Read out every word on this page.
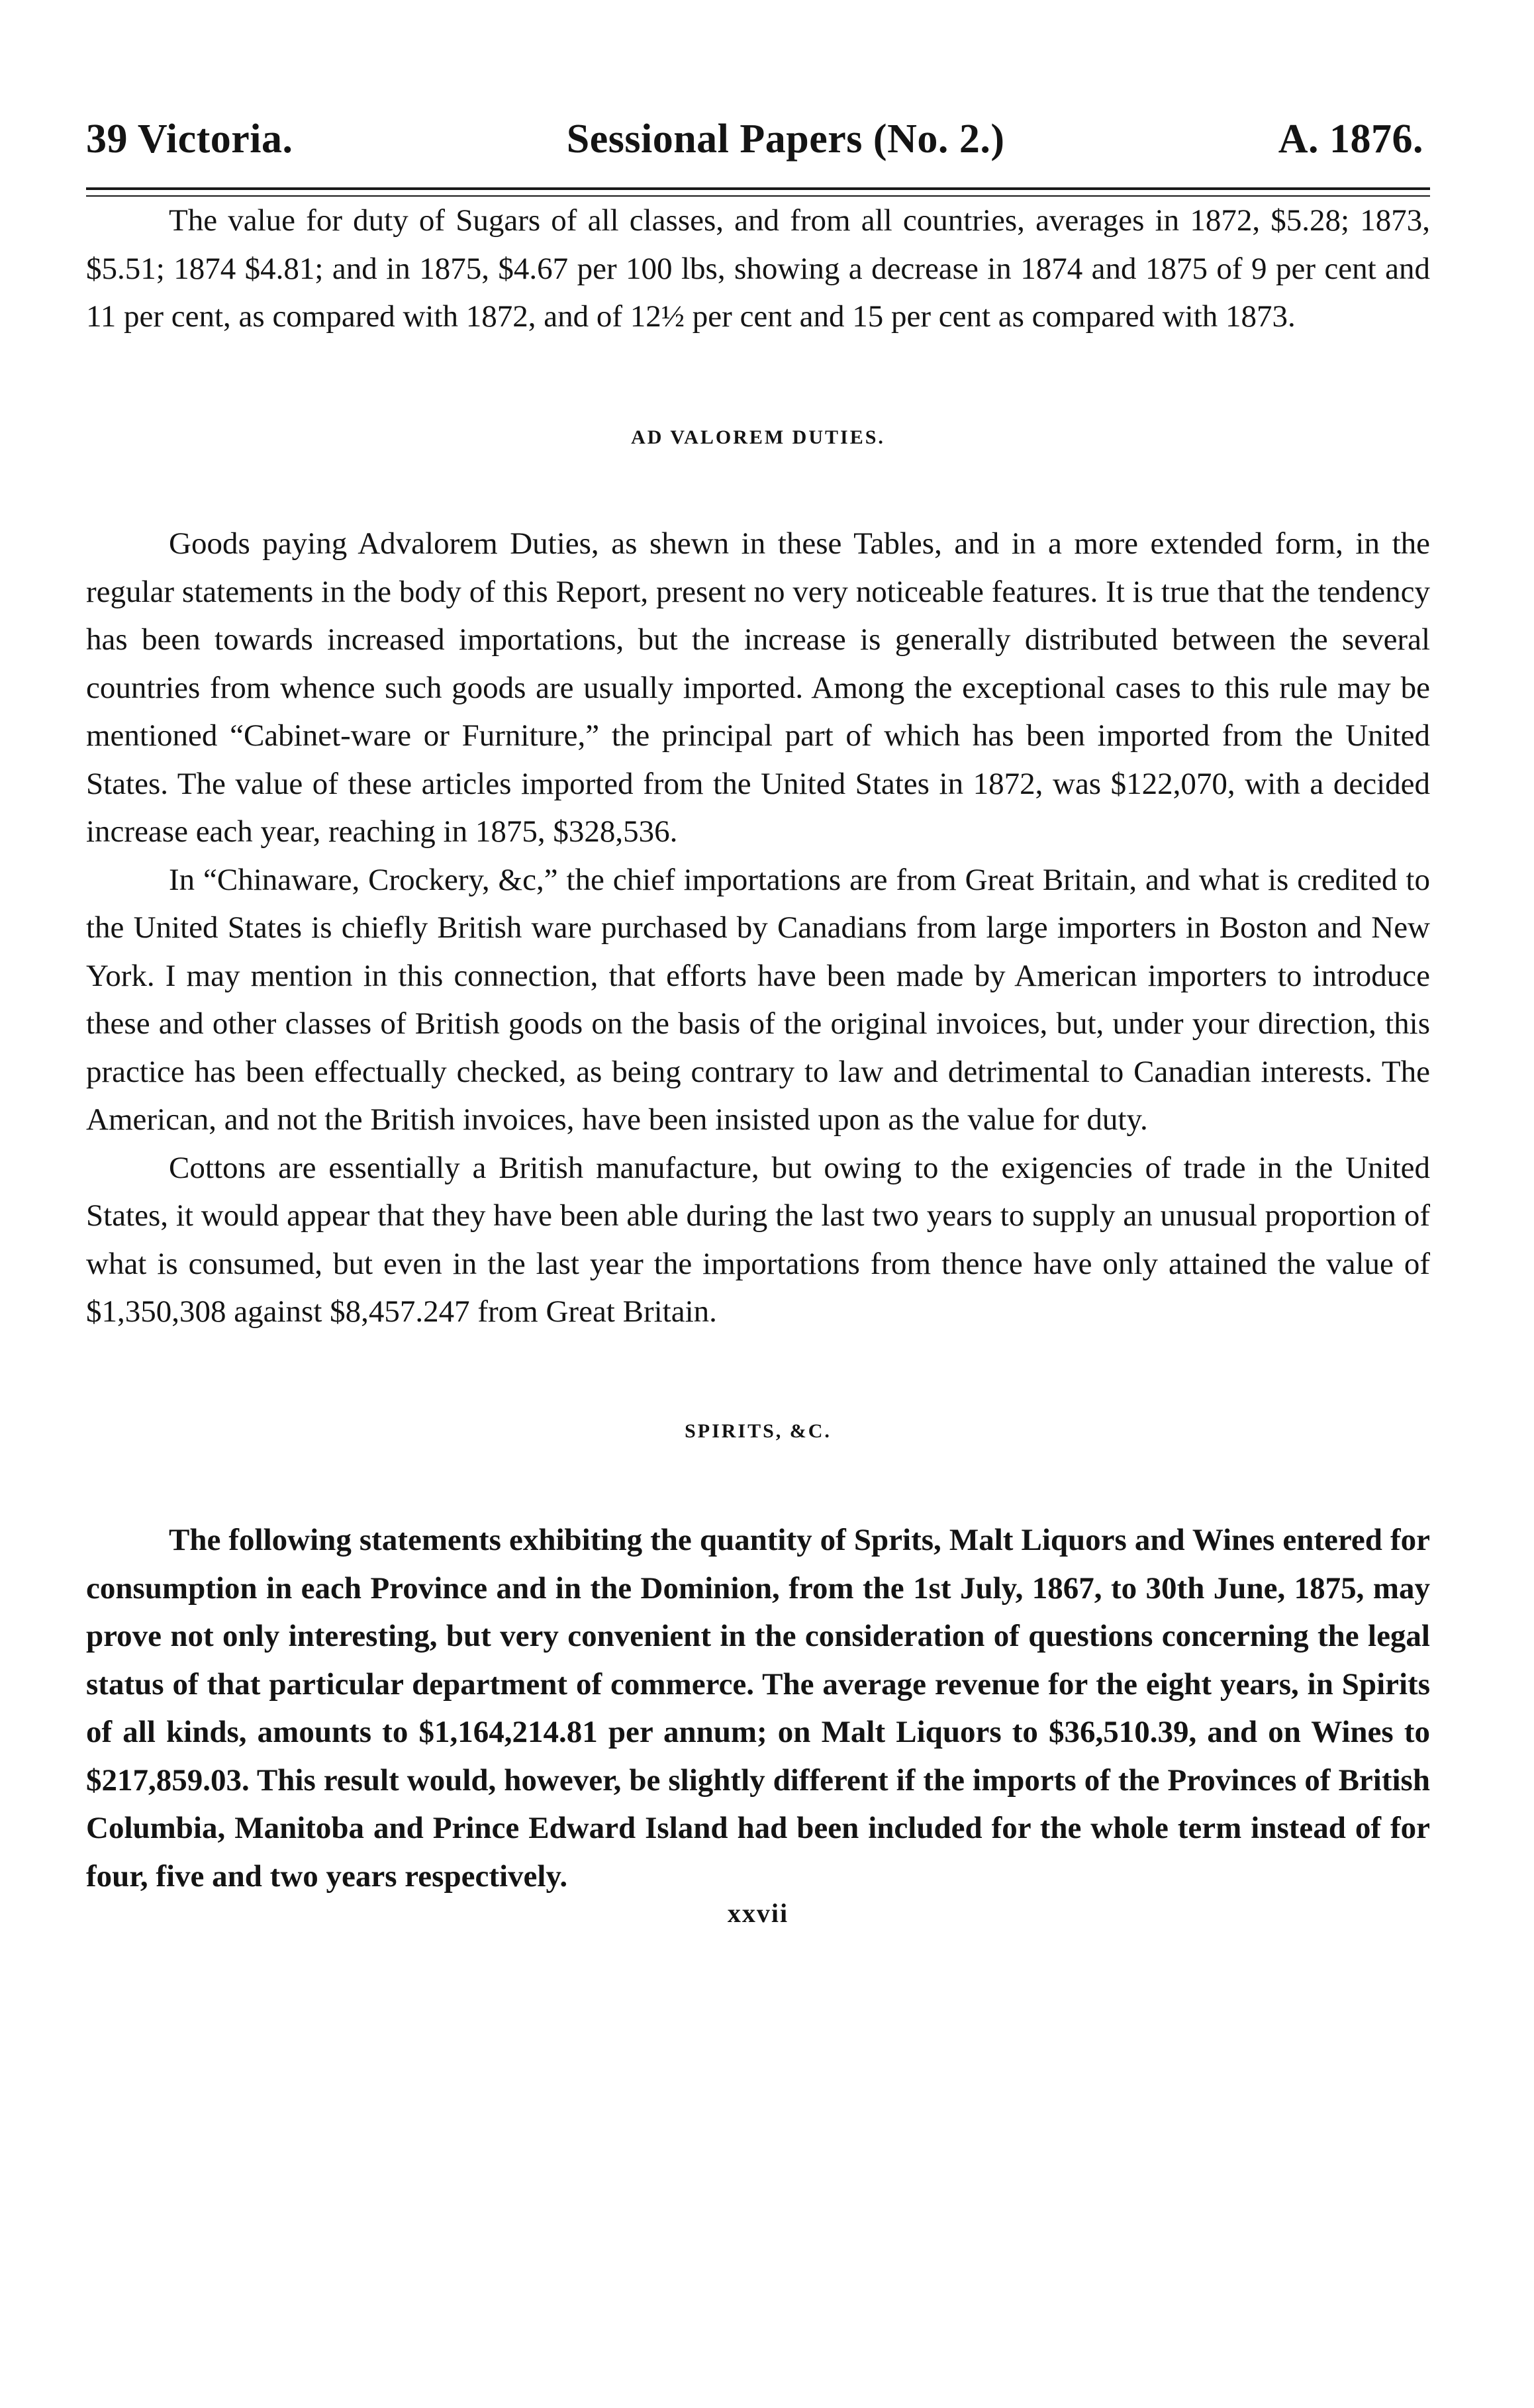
39 Victoria.	Sessional Papers (No. 2.)	A. 1876.

The value for duty of Sugars of all classes, and from all countries, averages in 1872, $5.28; 1873, $5.51; 1874 $4.81; and in 1875, $4.67 per 100 lbs, showing a decrease in 1874 and 1875 of 9 per cent and 11 per cent, as compared with 1872, and of 12½ per cent and 15 per cent as compared with 1873.

AD VALOREM DUTIES.

Goods paying Advalorem Duties, as shewn in these Tables, and in a more extended form, in the regular statements in the body of this Report, present no very noticeable features. It is true that the tendency has been towards increased importations, but the increase is generally distributed between the several countries from whence such goods are usually imported. Among the exceptional cases to this rule may be mentioned “Cabinet-ware or Furniture,” the principal part of which has been imported from the United States. The value of these articles imported from the United States in 1872, was $122,070, with a decided increase each year, reaching in 1875, $328,536.

In “Chinaware, Crockery, &c,” the chief importations are from Great Britain, and what is credited to the United States is chiefly British ware purchased by Canadians from large importers in Boston and New York. I may mention in this connection, that efforts have been made by American importers to introduce these and other classes of British goods on the basis of the original invoices, but, under your direction, this practice has been effectually checked, as being contrary to law and detrimental to Canadian interests. The American, and not the British invoices, have been insisted upon as the value for duty.

Cottons are essentially a British manufacture, but owing to the exigencies of trade in the United States, it would appear that they have been able during the last two years to supply an unusual proportion of what is consumed, but even in the last year the importations from thence have only attained the value of $1,350,308 against $8,457.247 from Great Britain.

SPIRITS, &C.

The following statements exhibiting the quantity of Sprits, Malt Liquors and Wines entered for consumption in each Province and in the Dominion, from the 1st July, 1867, to 30th June, 1875, may prove not only interesting, but very convenient in the consideration of questions concerning the legal status of that particular department of commerce. The average revenue for the eight years, in Spirits of all kinds, amounts to $1,164,214.81 per annum; on Malt Liquors to $36,510.39, and on Wines to $217,859.03. This result would, however, be slightly different if the imports of the Provinces of British Columbia, Manitoba and Prince Edward Island had been included for the whole term instead of for four, five and two years respectively.

xxvii
